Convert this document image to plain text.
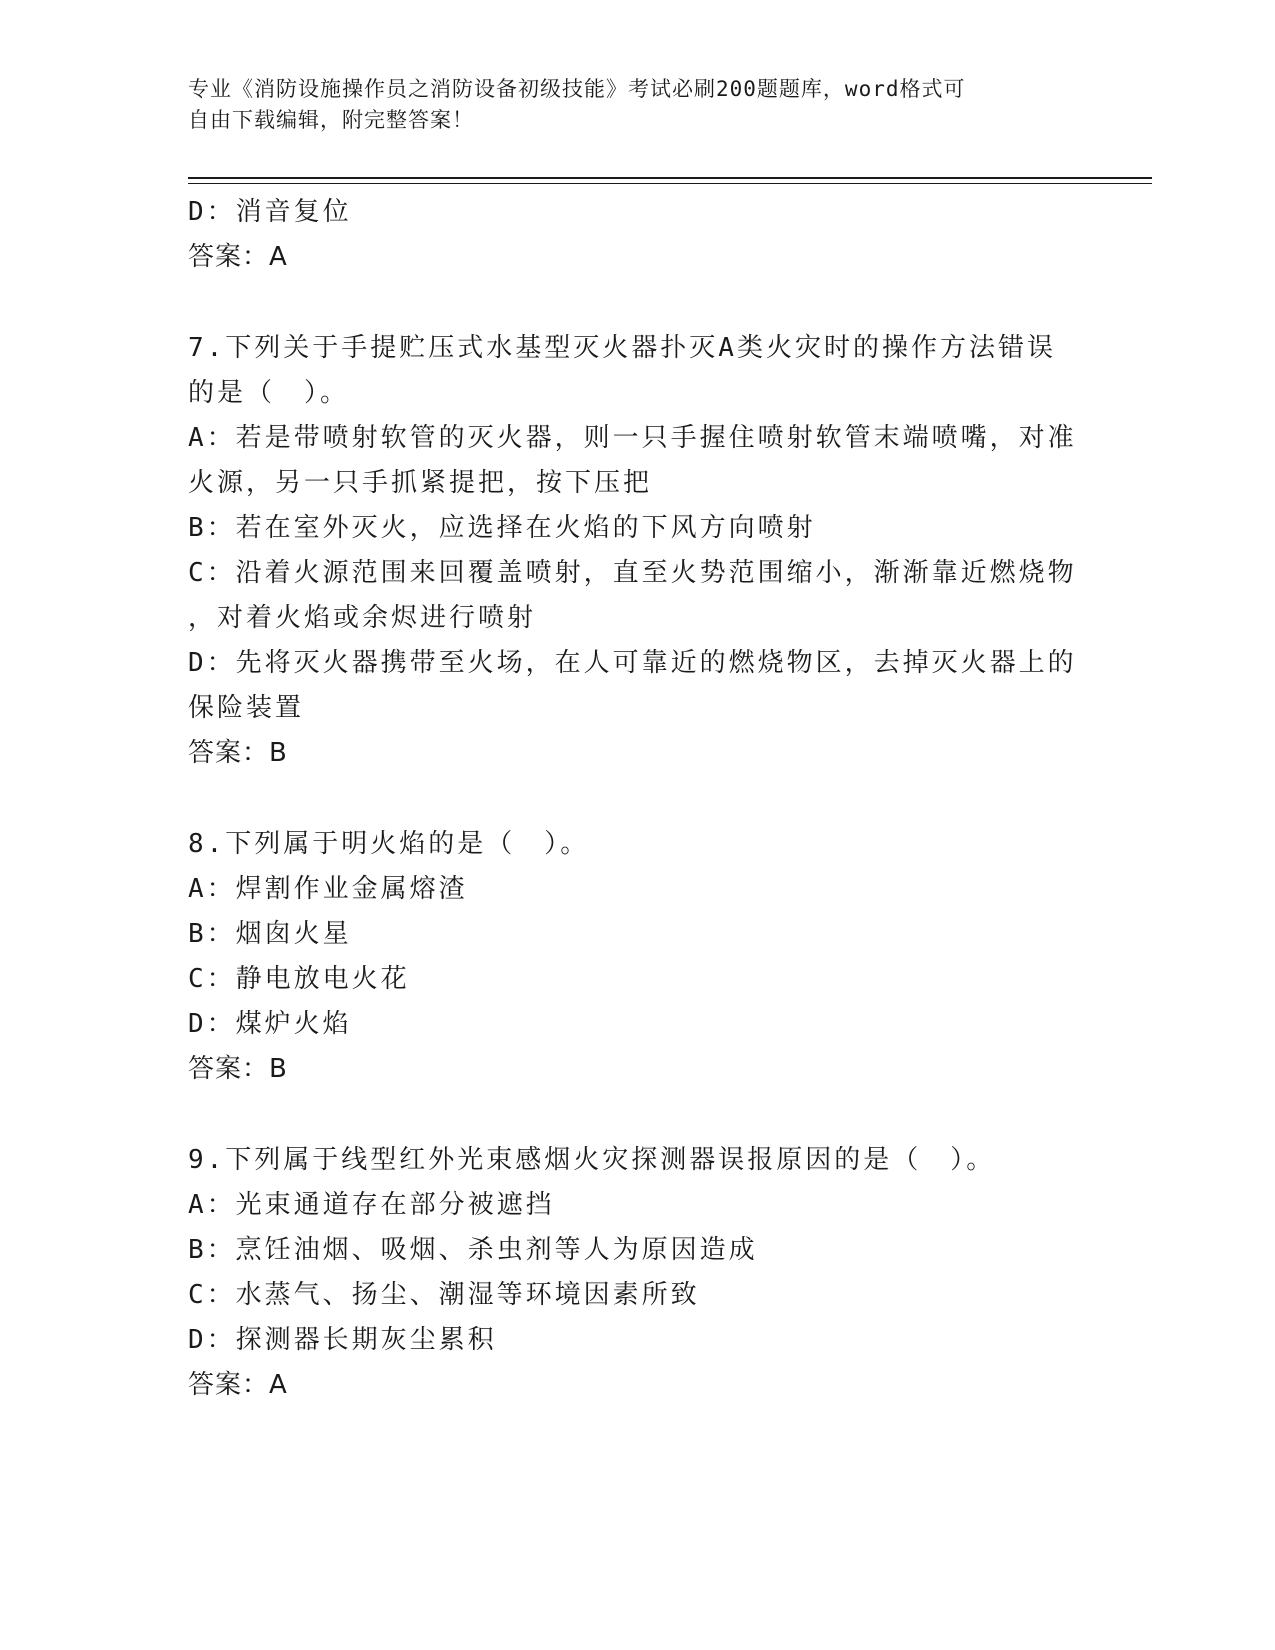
专业《消防设施操作员之消防设备初级技能》考试必刷200题题库，word格式可
自由下载编辑，附完整答案！
D：消音复位
答案：A
7.下列关于手提贮压式水基型灭火器扑灭A类火灾时的操作方法错误
的是（　）。
A：若是带喷射软管的灭火器，则一只手握住喷射软管末端喷嘴，对准
火源，另一只手抓紧提把，按下压把
B：若在室外灭火，应选择在火焰的下风方向喷射
C：沿着火源范围来回覆盖喷射，直至火势范围缩小，渐渐靠近燃烧物
，对着火焰或余烬进行喷射
D：先将灭火器携带至火场，在人可靠近的燃烧物区，去掉灭火器上的
保险装置
答案：B
8.下列属于明火焰的是（　）。
A：焊割作业金属熔渣
B：烟囱火星
C：静电放电火花
D：煤炉火焰
答案：B
9.下列属于线型红外光束感烟火灾探测器误报原因的是（　）。
A：光束通道存在部分被遮挡
B：烹饪油烟、吸烟、杀虫剂等人为原因造成
C：水蒸气、扬尘、潮湿等环境因素所致
D：探测器长期灰尘累积
答案：A
